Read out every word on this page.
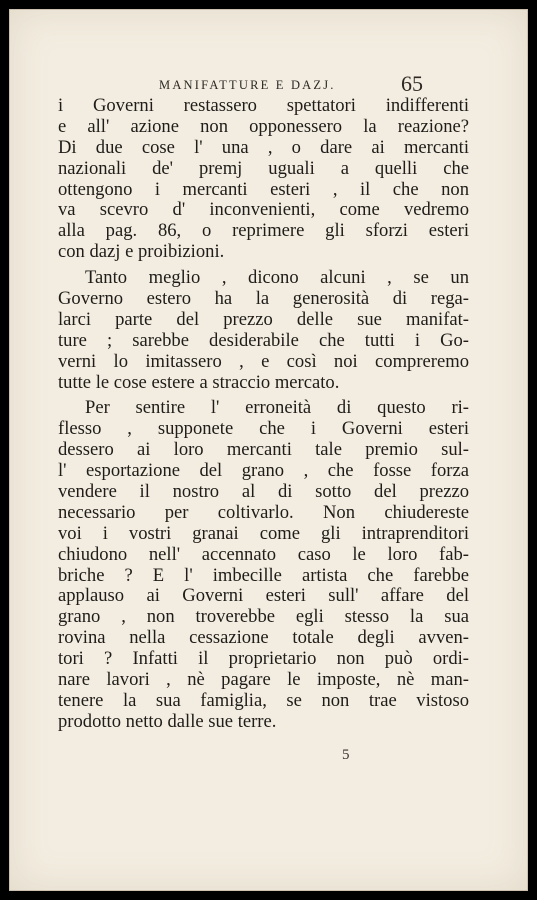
MANIFATTURE E DAZJ.	65
i Governi restassero spettatori indifferenti
e all' azione non opponessero la reazione?
Di due cose l' una , o dare ai mercanti
nazionali de' premj uguali a quelli che
ottengono i mercanti esteri , il che non
va scevro d' inconvenienti, come vedremo
alla pag. 86, o reprimere gli sforzi esteri
con dazj e proibizioni.
Tanto meglio , dicono alcuni , se un
Governo estero ha la generosità di rega-
larci parte del prezzo delle sue manifat-
ture ; sarebbe desiderabile che tutti i Go-
verni lo imitassero , e così noi compreremo
tutte le cose estere a straccio mercato.
Per sentire l' erroneità di questo ri-
flesso , supponete che i Governi esteri
dessero ai loro mercanti tale premio sul-
l' esportazione del grano , che fosse forza
vendere il nostro al di sotto del prezzo
necessario per coltivarlo. Non chiudereste
voi i vostri granai come gli intraprenditori
chiudono nell' accennato caso le loro fab-
briche ? E l' imbecille artista che farebbe
applauso ai Governi esteri sull' affare del
grano , non troverebbe egli stesso la sua
rovina nella cessazione totale degli avven-
tori ? Infatti il proprietario non può ordi-
nare lavori , nè pagare le imposte, nè man-
tenere la sua famiglia, se non trae vistoso
prodotto netto dalle sue terre.
5
